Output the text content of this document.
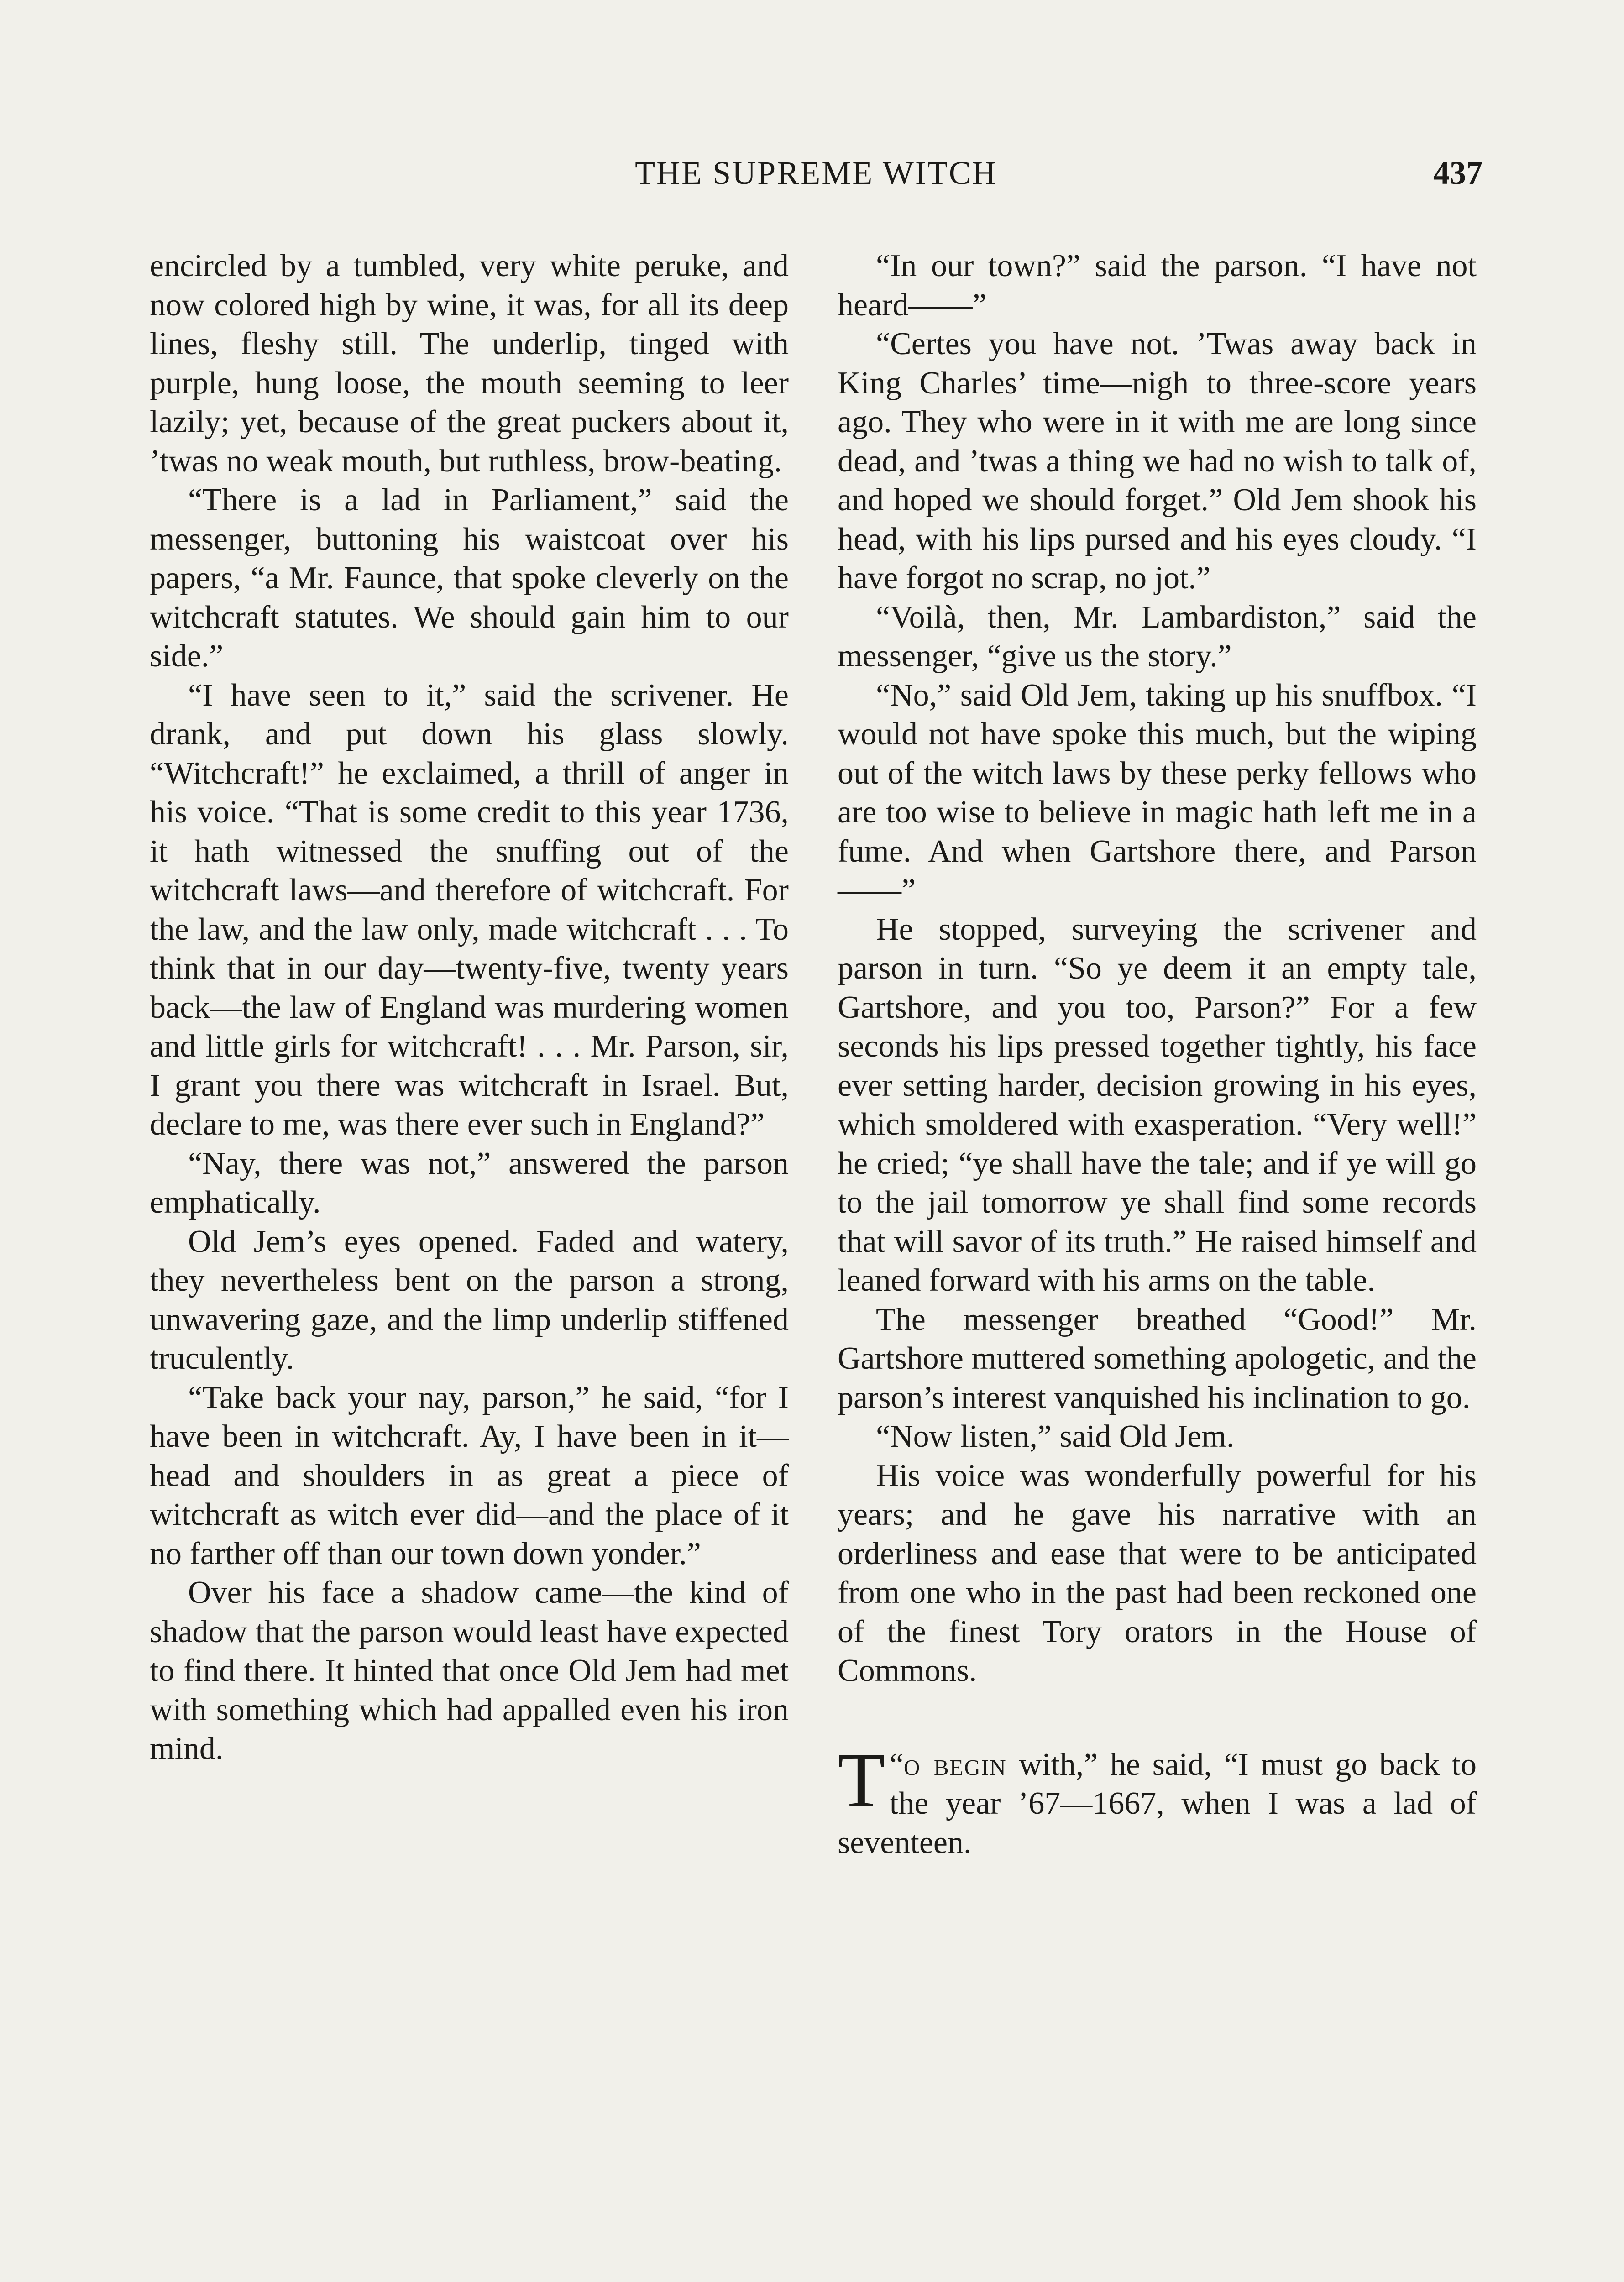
THE SUPREME WITCH	437

encircled by a tumbled, very white peruke, and now colored high by wine, it was, for all its deep lines, fleshy still. The underlip, tinged with purple, hung loose, the mouth seeming to leer lazily; yet, because of the great puckers about it, ’twas no weak mouth, but ruthless, brow-beating.

“There is a lad in Parliament,” said the messenger, buttoning his waistcoat over his papers, “a Mr. Faunce, that spoke cleverly on the witchcraft statutes. We should gain him to our side.”

“I have seen to it,” said the scrivener. He drank, and put down his glass slowly. “Witchcraft!” he exclaimed, a thrill of anger in his voice. “That is some credit to this year 1736, it hath witnessed the snuffing out of the witchcraft laws—and therefore of witchcraft. For the law, and the law only, made witchcraft . . . To think that in our day—twenty-five, twenty years back—the law of England was murdering women and little girls for witchcraft! . . . Mr. Parson, sir, I grant you there was witchcraft in Israel. But, declare to me, was there ever such in England?”

“Nay, there was not,” answered the parson emphatically.

Old Jem’s eyes opened. Faded and watery, they nevertheless bent on the parson a strong, unwavering gaze, and the limp underlip stiffened truculently.

“Take back your nay, parson,” he said, “for I have been in witchcraft. Ay, I have been in it—head and shoulders in as great a piece of witchcraft as witch ever did—and the place of it no farther off than our town down yonder.”

Over his face a shadow came—the kind of shadow that the parson would least have expected to find there. It hinted that once Old Jem had met with something which had appalled even his iron mind.

“In our town?” said the parson. “I have not heard——”

“Certes you have not. ’Twas away back in King Charles’ time—nigh to three-score years ago. They who were in it with me are long since dead, and ’twas a thing we had no wish to talk of, and hoped we should forget.” Old Jem shook his head, with his lips pursed and his eyes cloudy. “I have forgot no scrap, no jot.”

“Voilà, then, Mr. Lambardiston,” said the messenger, “give us the story.”

“No,” said Old Jem, taking up his snuffbox. “I would not have spoke this much, but the wiping out of the witch laws by these perky fellows who are too wise to believe in magic hath left me in a fume. And when Gartshore there, and Parson——”

He stopped, surveying the scrivener and parson in turn. “So ye deem it an empty tale, Gartshore, and you too, Parson?” For a few seconds his lips pressed together tightly, his face ever setting harder, decision growing in his eyes, which smoldered with exasperation. “Very well!” he cried; “ye shall have the tale; and if ye will go to the jail tomorrow ye shall find some records that will savor of its truth.” He raised himself and leaned forward with his arms on the table.

The messenger breathed “Good!” Mr. Gartshore muttered something apologetic, and the parson’s interest vanquished his inclination to go.

“Now listen,” said Old Jem.

His voice was wonderfully powerful for his years; and he gave his narrative with an orderliness and ease that were to be anticipated from one who in the past had been reckoned one of the finest Tory orators in the House of Commons.

“
T o begin with,” he said, “I must go back to the year ’67—1667, when I was a lad of seventeen.
